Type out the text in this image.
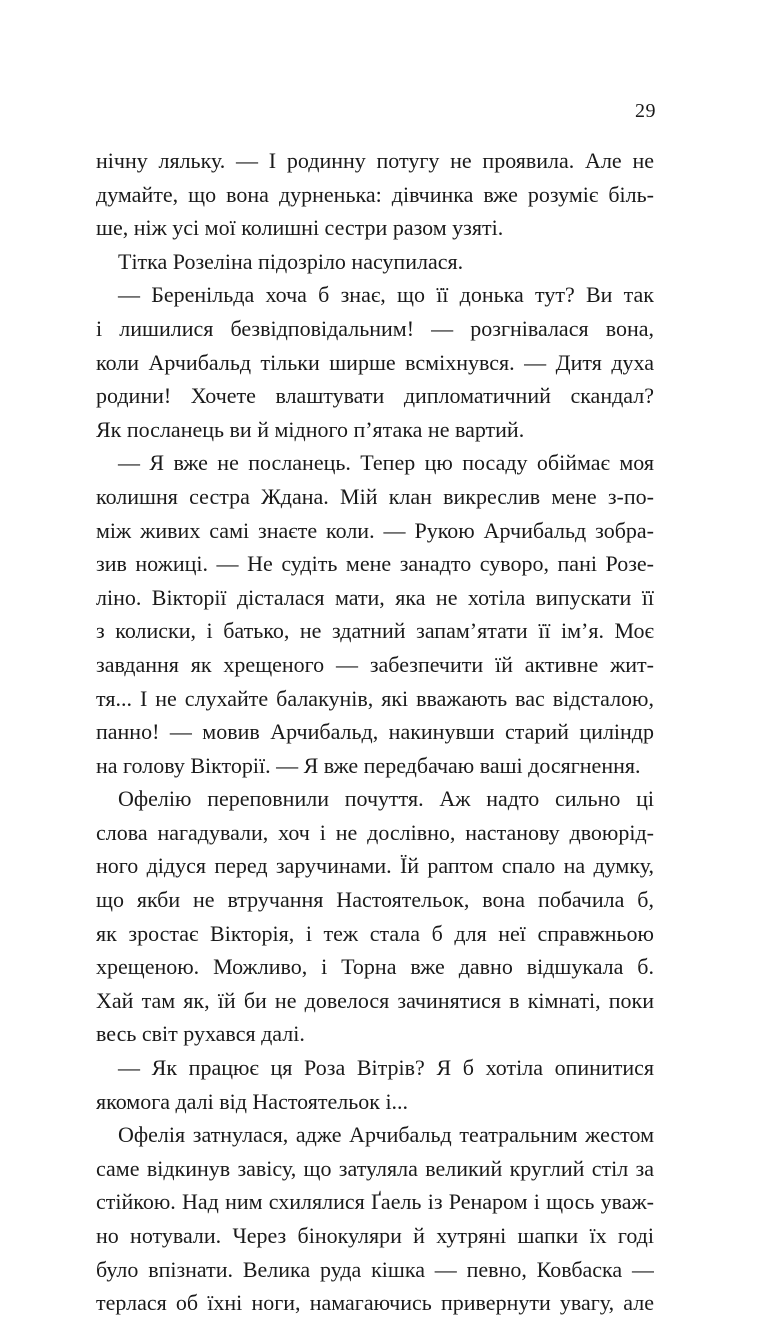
29
нічну ляльку. — І родинну потугу не проявила. Але не
думайте, що вона дурненька: дівчинка вже розуміє біль-
ше, ніж усі мої колишні сестри разом узяті.
Тітка Розеліна підозріло насупилася.
— Беренільда хоча б знає, що її донька тут? Ви так
і лишилися безвідповідальним! — розгнівалася вона,
коли Арчибальд тільки ширше всміхнувся. — Дитя духа
родини! Хочете влаштувати дипломатичний скандал?
Як посланець ви й мідного п’ятака не вартий.
— Я вже не посланець. Тепер цю посаду обіймає моя
колишня сестра Ждана. Мій клан викреслив мене з-по-
між живих самі знаєте коли. — Рукою Арчибальд зобра-
зив ножиці. — Не судіть мене занадто суворо, пані Розе-
ліно. Вікторії дісталася мати, яка не хотіла випускати її
з колиски, і батько, не здатний запам’ятати її ім’я. Моє
завдання як хрещеного — забезпечити їй активне жит-
тя... І не слухайте балакунів, які вважають вас відсталою,
панно! — мовив Арчибальд, накинувши старий циліндр
на голову Вікторії. — Я вже передбачаю ваші досягнення.
Офелію переповнили почуття. Аж надто сильно ці
слова нагадували, хоч і не дослівно, настанову двоюрід-
ного дідуся перед заручинами. Їй раптом спало на думку,
що якби не втручання Настоятельок, вона побачила б,
як зростає Вікторія, і теж стала б для неї справжньою
хрещеною. Можливо, і Торна вже давно відшукала б.
Хай там як, їй би не довелося зачинятися в кімнаті, поки
весь світ рухався далі.
— Як працює ця Роза Вітрів? Я б хотіла опинитися
якомога далі від Настоятельок і...
Офелія затнулася, адже Арчибальд театральним жестом
саме відкинув завісу, що затуляла великий круглий стіл за
стійкою. Над ним схилялися Ґаель із Ренаром і щось уваж-
но нотували. Через бінокуляри й хутряні шапки їх годі
було впізнати. Велика руда кішка — певно, Ковбаска —
терлася об їхні ноги, намагаючись привернути увагу, але
